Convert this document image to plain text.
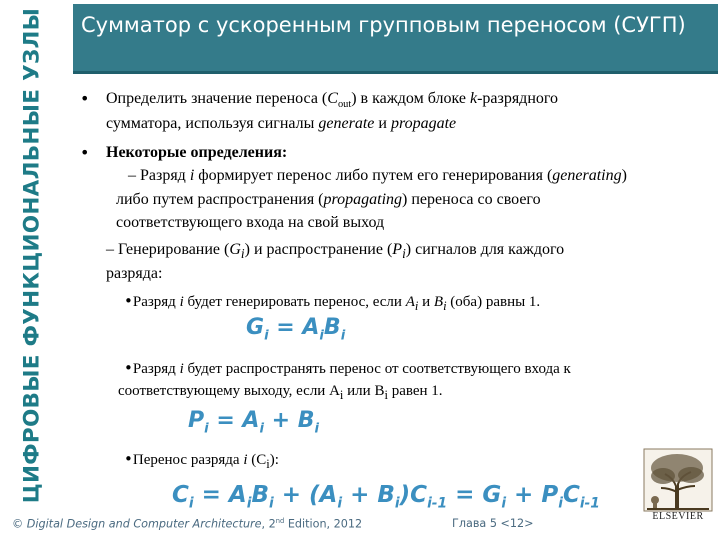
ЦИФРОВЫЕ ФУНКЦИОНАЛЬНЫЕ УЗЛЫ Сумматор с ускоренным групповым переносом (СУГП)
•
Определить значение переноса $(C_{out})$ в каждом блоке k-разрядного
сумматора, используя сигналы generate и propagate
•
Некоторые определения:
– Разряд i формирует перенос либо путем его генерирования (generating)
либо путем распространения (propagating) переноса со своего
соответствующего входа на свой выход
– Генерирование $(G_i)$ и распространение $(P_i)$ сигналов для каждого
разряда:
•Разряд i будет генерировать перенос, если $A_i$ и $B_i$ (оба) равны 1.
$G_i = A_iB_i$
•Разряд i будет распространять перенос от соответствующего входа к
соответствующему выходу, если $A_i$ или $B_i$ равен 1.
$P_i = A_i + B_i$
•Перенос разряда i $(C_i)$:
$C_i = A_iB_i + (A_i + B_i)C_{i-1} = G_i + P_iC_{i-1}$
ELSEVIER
© Digital Design and Computer Architecture, 2nd Edition, 2012	Глава 5 <12>
